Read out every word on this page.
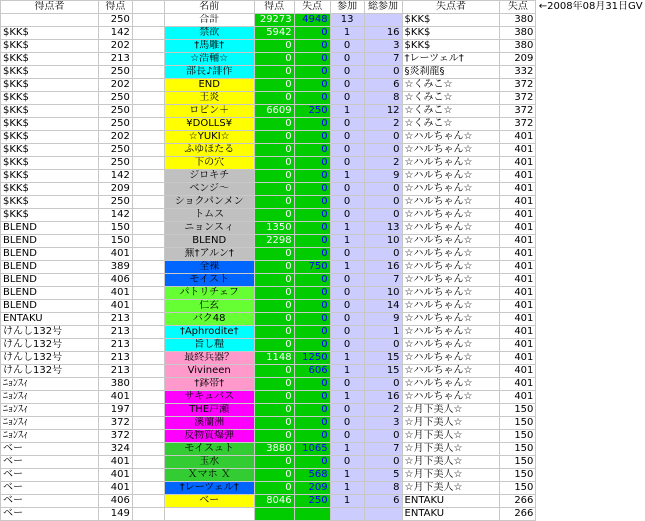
得点者	得点		名前	得点	失点	参加	総参加	失点者	失点	←2008年08月31日GV
	250		合計	29273	4948	13		$KK$	380	
$KK$	142		禁欲	5942	0	1	16	$KK$	380	
$KK$	202		†馬雕†	0	0	0	3	$KK$	380	
$KK$	213		☆浩輔☆	0	0	0	7	†レーツェル†	209	
$KK$	250		部長♪誹作	0	0	0	0	§炎刹龍§	332	
$KK$	202		END	0	0	0	6	☆くみこ☆	372	
$KK$	250		王炎	0	0	0	8	☆くみこ☆	372	
$KK$	250		ロビン＋	6609	250	1	12	☆くみこ☆	372	
$KK$	250		¥DOLLS¥	0	0	0	2	☆くみこ☆	372	
$KK$	202		☆YUKI☆	0	0	0	0	☆ハルちゃん☆	401	
$KK$	250		ふゆほたる	0	0	0	0	☆ハルちゃん☆	401	
$KK$	250		下の穴	0	0	0	2	☆ハルちゃん☆	401	
$KK$	142		ジロキチ	0	0	1	9	☆ハルちゃん☆	401	
$KK$	209		ベンジ～	0	0	0	0	☆ハルちゃん☆	401	
$KK$	250		ショクパンメン	0	0	0	0	☆ハルちゃん☆	401	
$KK$	142		トムス	0	0	0	0	☆ハルちゃん☆	401	
BLEND	150		ニョンスィ	1350	0	1	13	☆ハルちゃん☆	401	
BLEND	150		BLEND	2298	0	1	10	☆ハルちゃん☆	401	
BLEND	401		蕪†アルン†	0	0	0	0	☆ハルちゃん☆	401	
BLEND	389		全裸	0	750	1	16	☆ハルちゃん☆	401	
BLEND	406		モイスト	0	0	0	7	☆ハルちゃん☆	401	
BLEND	401		パトリチェフ	0	0	0	10	☆ハルちゃん☆	401	
BLEND	401		仁玄	0	0	0	14	☆ハルちゃん☆	401	
ENTAKU	213		バク48	0	0	0	9	☆ハルちゃん☆	401	
けんし132号	213		†Aphrodite†	0	0	0	1	☆ハルちゃん☆	401	
けんし132号	213		旨し糧	0	0	0	0	☆ハルちゃん☆	401	
けんし132号	213		最終兵器？	1148	1250	1	15	☆ハルちゃん☆	401	
けんし132号	213		Vivineen	0	606	1	15	☆ハルちゃん☆	401	
ﾆｮﾝｽｨ	380		†鉢帯†	0	0	0	0	☆ハルちゃん☆	401	
ﾆｮﾝｽｨ	401		サキュバス	0	0	1	16	☆ハルちゃん☆	401	
ﾆｮﾝｽｨ	197		THE戸瀬	0	0	0	2	☆月下美人☆	150	
ﾆｮﾝｽｨ	372		溪蘭洲	0	0	0	3	☆月下美人☆	150	
ﾆｮﾝｽｨ	372		反物質爆弾	0	0	0	0	☆月下美人☆	150	
ベー	324		モイスュト	3880	1065	1	7	☆月下美人☆	150	
ベー	401		玉水	0	0	0	0	☆月下美人☆	150	
ベー	401		Ｘマホ Ｘ	0	568	1	5	☆月下美人☆	150	
ベー	401		†レーツェル†	0	209	1	8	☆月下美人☆	150	
ベー	406		ベー	8046	250	1	6	ENTAKU	266	
ベー	149							ENTAKU	266	
